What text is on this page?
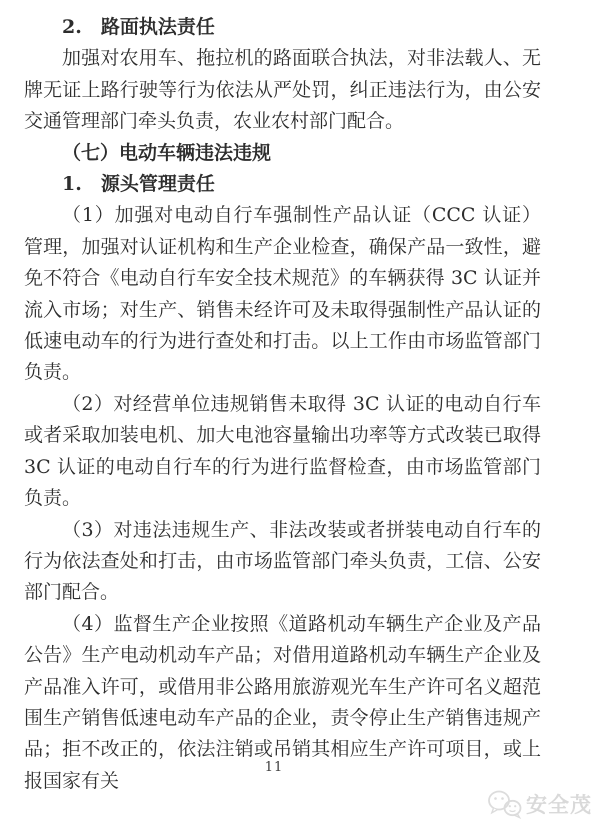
2.　路面执法责任

加强对农用车、拖拉机的路面联合执法，对非法载人、无牌无证上路行驶等行为依法从严处罚，纠正违法行为，由公安交通管理部门牵头负责，农业农村部门配合。

（七）电动车辆违法违规

1.　源头管理责任

（1）加强对电动自行车强制性产品认证（CCC 认证）管理，加强对认证机构和生产企业检查，确保产品一致性，避免不符合《电动自行车安全技术规范》的车辆获得 3C 认证并流入市场；对生产、销售未经许可及未取得强制性产品认证的低速电动车的行为进行查处和打击。以上工作由市场监管部门负责。

（2）对经营单位违规销售未取得 3C 认证的电动自行车或者采取加装电机、加大电池容量输出功率等方式改装已取得 3C 认证的电动自行车的行为进行监督检查，由市场监管部门负责。

（3）对违法违规生产、非法改装或者拼装电动自行车的行为依法查处和打击，由市场监管部门牵头负责，工信、公安部门配合。

（4）监督生产企业按照《道路机动车辆生产企业及产品公告》生产电动机动车产品；对借用道路机动车辆生产企业及产品准入许可，或借用非公路用旅游观光车生产许可名义超范围生产销售低速电动车产品的企业，责令停止生产销售违规产品；拒不改正的，依法注销或吊销其相应生产许可项目，或上报国家有关

11
安全茂
